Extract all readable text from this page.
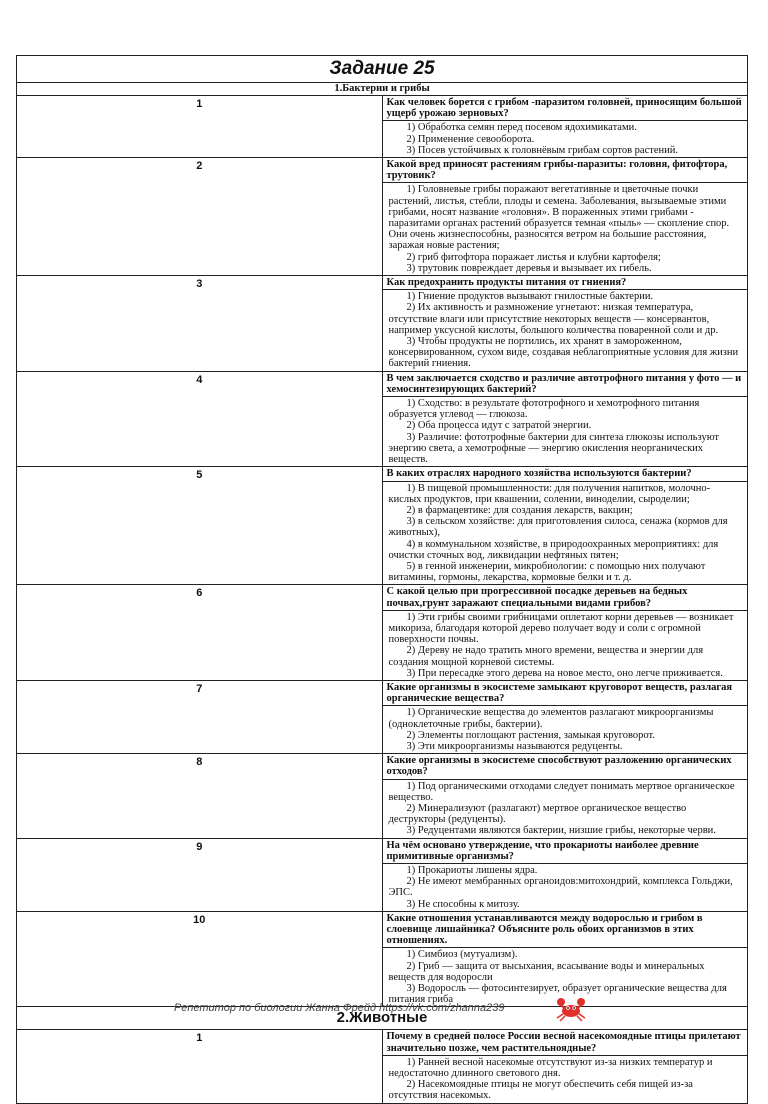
Задание 25	
1.Бактерии и грибы	
1	Как человек борется с грибом -паразитом головней, приносящим большой ущерб урожаю зерновых?

	1) Обработка семян перед посевом ядохимикатами.
2) Применение севооборота.
3) Посев устойчивых к головнёвым грибам сортов растений.

2	Какой вред приносят растениям грибы-паразиты: головня, фитофтора, трутовик?

	1) Головневые грибы поражают вегетативные и цветочные почки растений, листья, стебли, плоды и семена. Заболевания, вызываемые этими грибами, носят название «головня». В пораженных этими грибами - паразитами органах растений образуется темная «пыль» — скопление спор. Они очень жизнеспособны, разносятся ветром на большие расстояния, заражая новые растения;
2) гриб фитофтора поражает листья и клубни картофеля;
3) трутовик повреждает деревья и вызывает их гибель.

3	Как предохранить продукты питания от гниения?

	1) Гниение продуктов вызывают гнилостные бактерии.
2) Их активность и размножение угнетают: низкая температура, отсутствие влаги или присутствие некоторых веществ — консервантов, например уксусной кислоты, большого количества поваренной соли и др.
3) Чтобы продукты не портились, их хранят в замороженном, консервированном, сухом виде, создавая неблагоприятные условия для жизни бактерий гниения.

4	В чем заключается сходство и различие автотрофного питания у фото — и хемосинтезирующих бактерий?

	1) Сходство: в результате фототрофного и хемотрофного питания образуется углевод — глюкоза.
2) Оба процесса идут с затратой энергии.
3) Различие: фототрофные бактерии для синтеза глюкозы используют энергию света, а хемотрофные — энергию окисления неорганических веществ.

5	В каких отраслях народного хозяйства используются бактерии?

	1) В пищевой промышленности: для получения напитков, молочно-кислых продуктов, при квашении, солении, виноделии, сыроделии;
2) в фармацевтике: для создания лекарств, вакцин;
3) в сельском хозяйстве: для приготовления силоса, сенажа (кормов для животных),
4) в коммунальном хозяйстве, в природоохранных мероприятиях: для очистки сточных вод, ликвидации нефтяных пятен;
5) в генной инженерии, микробиологии: с помощью них получают витамины, гормоны, лекарства, кормовые белки и т. д.

6	С какой целью при прогрессивной посадке деревьев на бедных почвах,грунт заражают специальными видами грибов?

	1) Эти грибы своими грибницами оплетают корни деревьев — возникает микориза, благодаря которой дерево получает воду и соли с огромной поверхности почвы.
2) Дереву не надо тратить много времени, вещества и энергии для создания мощной корневой системы.
3) При пересадке этого дерева на новое место, оно легче приживается.

7	Какие организмы в экосистеме замыкают круговорот веществ, разлагая органические вещества?

	1) Органические вещества до элементов разлагают микроорганизмы (одноклеточные грибы, бактерии).
2) Элементы поглощают растения, замыкая круговорот.
3) Эти микроорганизмы называются редуценты.

8	Какие организмы в экосистеме способствуют разложению органических отходов?

	1) Под органическими отходами следует понимать мертвое органическое вещество.
2) Минерализуют (разлагают) мертвое органическое вещество деструкторы (редуценты).
3) Редуцентами являются бактерии, низшие грибы, некоторые черви.

9	На чём основано утверждение, что прокариоты наиболее древние примитивные организмы?

	1) Прокариоты лишены ядра.
2) Не имеют мембранных органоидов:митохондрий, комплекса Гольджи, ЭПС.
3) Не способны к митозу.

10	Какие отношения устанавливаются между водорослью и грибом в слоевище лишайника? Объясните роль обоих организмов в этих отношениях.

	1) Симбиоз (мутуализм).
2) Гриб — защита от высыхания, всасывание воды и минеральных веществ для водоросли
3) Водоросль — фотосинтезирует, образует органические вещества для питания гриба

2.Животные	
1	Почему в средней полосе России весной насекомоядные птицы прилетают значительно позже, чем растительноядные?

	1) Ранней весной насекомые отсутствуют из-за низких температур и недостаточно длинного светового дня.
2) Насекомоядные птицы не могут обеспечить себя пищей из-за отсутствия насекомых.
Репетитор по биологии Жанна Фрейд https://vk.com/zhanna239
